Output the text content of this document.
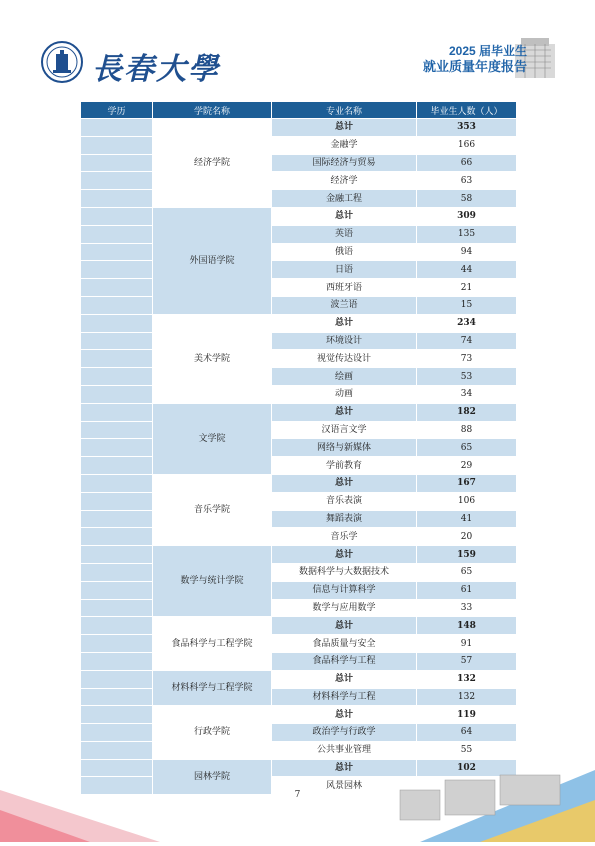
長春大學
2025 届毕业生
就业质量年度报告
学历	学院名称	专业名称	毕业生人数（人）
	经济学院	总计	353
		金融学	166
		国际经济与贸易	66
		经济学	63
		金融工程	58
	外国语学院	总计	309
		英语	135
		俄语	94
		日语	44
		西班牙语	21
		波兰语	15
	美术学院	总计	234
		环境设计	74
		视觉传达设计	73
		绘画	53
		动画	34
	文学院	总计	182
		汉语言文学	88
		网络与新媒体	65
		学前教育	29
	音乐学院	总计	167
		音乐表演	106
		舞蹈表演	41
		音乐学	20
	数学与统计学院	总计	159
		数据科学与大数据技术	65
		信息与计算科学	61
		数学与应用数学	33
	食品科学与工程学院	总计	148
		食品质量与安全	91
		食品科学与工程	57
	材料科学与工程学院	总计	132
		材料科学与工程	132
	行政学院	总计	119
		政治学与行政学	64
		公共事业管理	55
	园林学院	总计	102
		风景园林	
7
